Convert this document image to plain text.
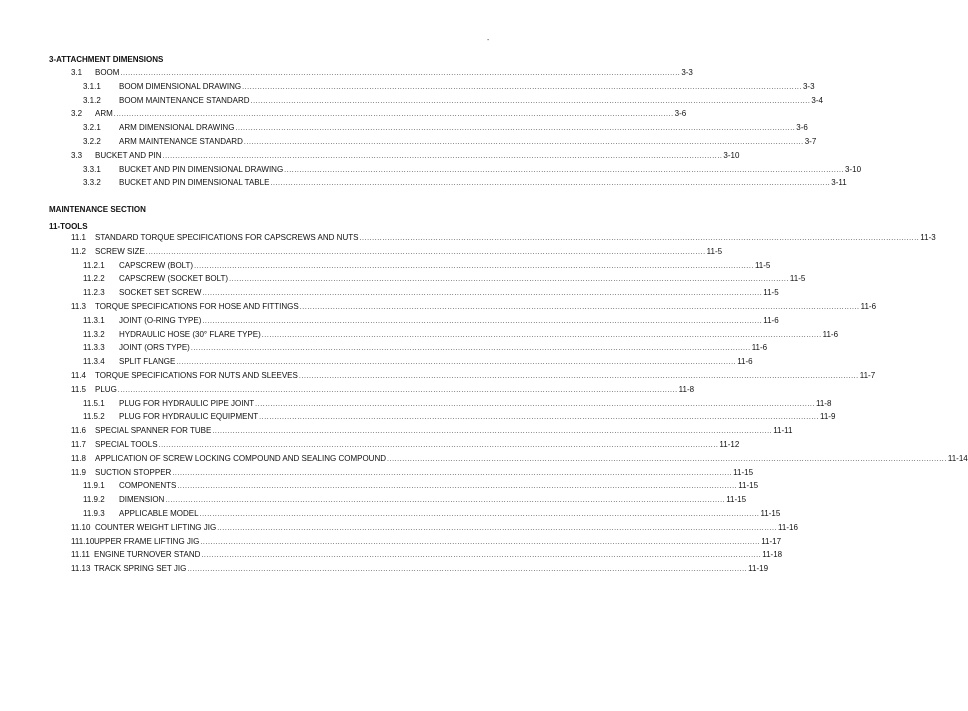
-
3-ATTACHMENT DIMENSIONS
3.1	BOOM ............................................................................................................................................................................................................................ 3-3
3.1.1	BOOM DIMENSIONAL DRAWING ............................................................................................................................................................................................................................ 3-3
3.1.2	BOOM MAINTENANCE STANDARD ............................................................................................................................................................................................................................ 3-4
3.2	ARM ............................................................................................................................................................................................................................ 3-6
3.2.1	ARM DIMENSIONAL DRAWING ............................................................................................................................................................................................................................ 3-6
3.2.2	ARM MAINTENANCE STANDARD ............................................................................................................................................................................................................................ 3-7
3.3	BUCKET AND PIN ............................................................................................................................................................................................................................ 3-10
3.3.1	BUCKET AND PIN DIMENSIONAL DRAWING ............................................................................................................................................................................................................................ 3-10
3.3.2	BUCKET AND PIN DIMENSIONAL TABLE ............................................................................................................................................................................................................................ 3-11
MAINTENANCE SECTION
11-TOOLS
11.1	STANDARD TORQUE SPECIFICATIONS FOR CAPSCREWS AND NUTS ............................................................................................................................................................................................................................ 11-3
11.2	SCREW SIZE ............................................................................................................................................................................................................................ 11-5
11.2.1	CAPSCREW (BOLT) ............................................................................................................................................................................................................................ 11-5
11.2.2	CAPSCREW (SOCKET BOLT) ............................................................................................................................................................................................................................ 11-5
11.2.3	SOCKET SET SCREW ............................................................................................................................................................................................................................ 11-5
11.3	TORQUE SPECIFICATIONS FOR HOSE AND FITTINGS ............................................................................................................................................................................................................................ 11-6
11.3.1	JOINT (O-RING TYPE) ............................................................................................................................................................................................................................ 11-6
11.3.2	HYDRAULIC HOSE (30° FLARE TYPE) ............................................................................................................................................................................................................................ 11-6
11.3.3	JOINT (ORS TYPE) ............................................................................................................................................................................................................................ 11-6
11.3.4	SPLIT FLANGE ............................................................................................................................................................................................................................ 11-6
11.4	TORQUE SPECIFICATIONS FOR NUTS AND SLEEVES ............................................................................................................................................................................................................................ 11-7
11.5	PLUG ............................................................................................................................................................................................................................ 11-8
11.5.1	PLUG FOR HYDRAULIC PIPE JOINT ............................................................................................................................................................................................................................ 11-8
11.5.2	PLUG FOR HYDRAULIC EQUIPMENT ............................................................................................................................................................................................................................ 11-9
11.6	SPECIAL SPANNER FOR TUBE ............................................................................................................................................................................................................................ 11-11
11.7	SPECIAL TOOLS ............................................................................................................................................................................................................................ 11-12
11.8	APPLICATION OF SCREW LOCKING COMPOUND AND SEALING COMPOUND ............................................................................................................................................................................................................................ 11-14
11.9	SUCTION STOPPER ............................................................................................................................................................................................................................ 11-15
11.9.1	COMPONENTS ............................................................................................................................................................................................................................ 11-15
11.9.2	DIMENSION ............................................................................................................................................................................................................................ 11-15
11.9.3	APPLICABLE MODEL ............................................................................................................................................................................................................................ 11-15
11.10 COUNTER WEIGHT LIFTING JIG ............................................................................................................................................................................................................................ 11-16
111.10 UPPER FRAME LIFTING JIG ............................................................................................................................................................................................................................ 11-17
11.11 ENGINE TURNOVER STAND ............................................................................................................................................................................................................................ 11-18
11.13 TRACK SPRING SET JIG ............................................................................................................................................................................................................................ 11-19
